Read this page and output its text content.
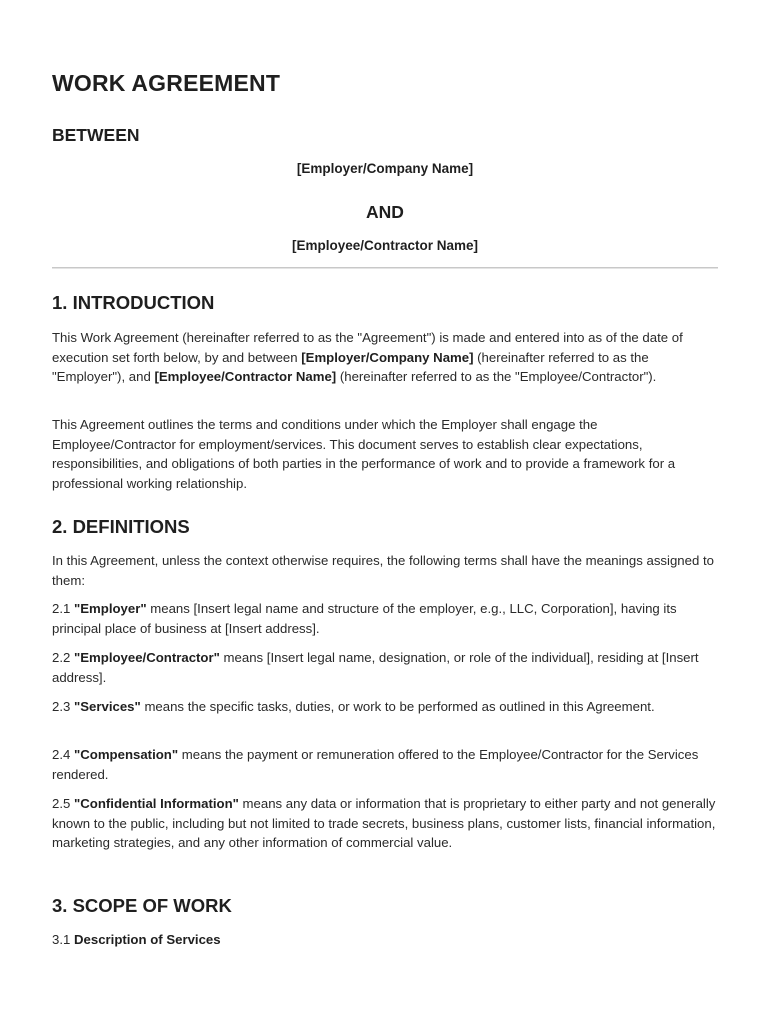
WORK AGREEMENT
BETWEEN
[Employer/Company Name]
AND
[Employee/Contractor Name]
1. INTRODUCTION

This Work Agreement (hereinafter referred to as the "Agreement") is made and entered into as of the date of execution set forth below, by and between [Employer/Company Name] (hereinafter referred to as the "Employer"), and [Employee/Contractor Name] (hereinafter referred to as the "Employee/Contractor").

This Agreement outlines the terms and conditions under which the Employer shall engage the Employee/Contractor for employment/services. This document serves to establish clear expectations, responsibilities, and obligations of both parties in the performance of work and to provide a framework for a professional working relationship.

2. DEFINITIONS

In this Agreement, unless the context otherwise requires, the following terms shall have the meanings assigned to them:

2.1 "Employer" means [Insert legal name and structure of the employer, e.g., LLC, Corporation], having its principal place of business at [Insert address].

2.2 "Employee/Contractor" means [Insert legal name, designation, or role of the individual], residing at [Insert address].

2.3 "Services" means the specific tasks, duties, or work to be performed as outlined in this Agreement.

2.4 "Compensation" means the payment or remuneration offered to the Employee/Contractor for the Services rendered.

2.5 "Confidential Information" means any data or information that is proprietary to either party and not generally known to the public, including but not limited to trade secrets, business plans, customer lists, financial information, marketing strategies, and any other information of commercial value.

3. SCOPE OF WORK

3.1 Description of Services
